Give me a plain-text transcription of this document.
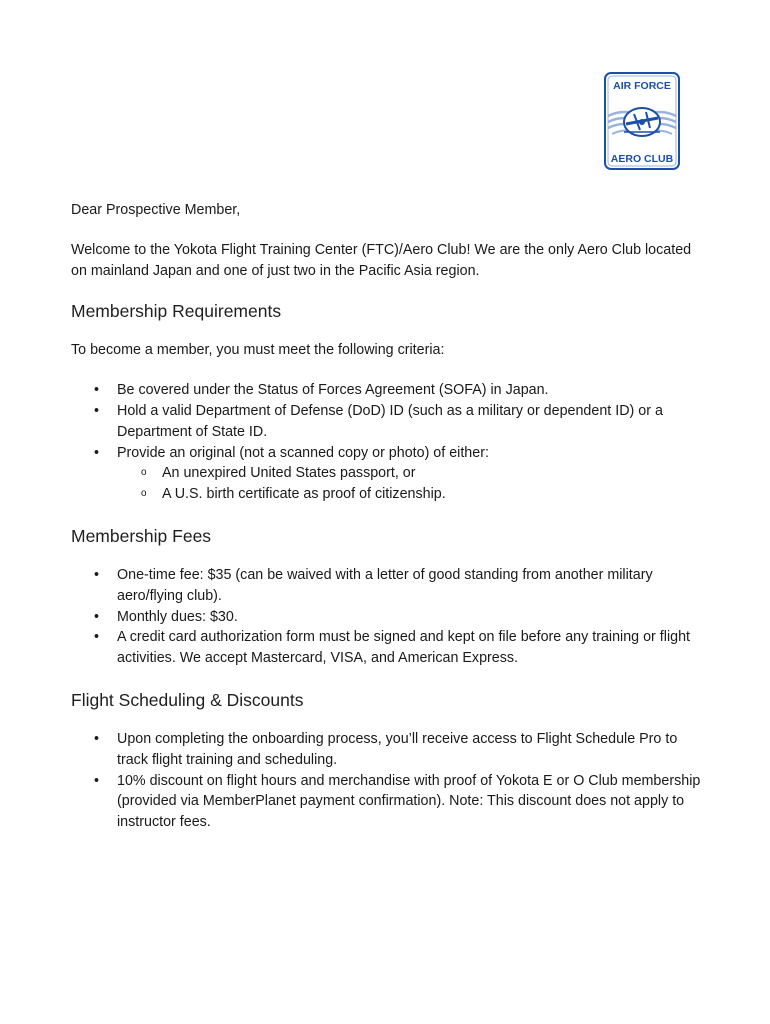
AIR FORCE
AERO CLUB

Dear Prospective Member,

Welcome to the Yokota Flight Training Center (FTC)/Aero Club! We are the only Aero Club located on mainland Japan and one of just two in the Pacific Asia region.

Membership Requirements

To become a member, you must meet the following criteria:

• Be covered under the Status of Forces Agreement (SOFA) in Japan.
• Hold a valid Department of Defense (DoD) ID (such as a military or dependent ID) or a Department of State ID.
• Provide an original (not a scanned copy or photo) of either:
o An unexpired United States passport, or
o A U.S. birth certificate as proof of citizenship.
Membership Fees
• One-time fee: $35 (can be waived with a letter of good standing from another military aero/flying club).
• Monthly dues: $30.
• A credit card authorization form must be signed and kept on file before any training or flight activities. We accept Mastercard, VISA, and American Express.
Flight Scheduling & Discounts
• Upon completing the onboarding process, you’ll receive access to Flight Schedule Pro to track flight training and scheduling.
• 10% discount on flight hours and merchandise with proof of Yokota E or O Club membership (provided via MemberPlanet payment confirmation). Note: This discount does not apply to instructor fees.
